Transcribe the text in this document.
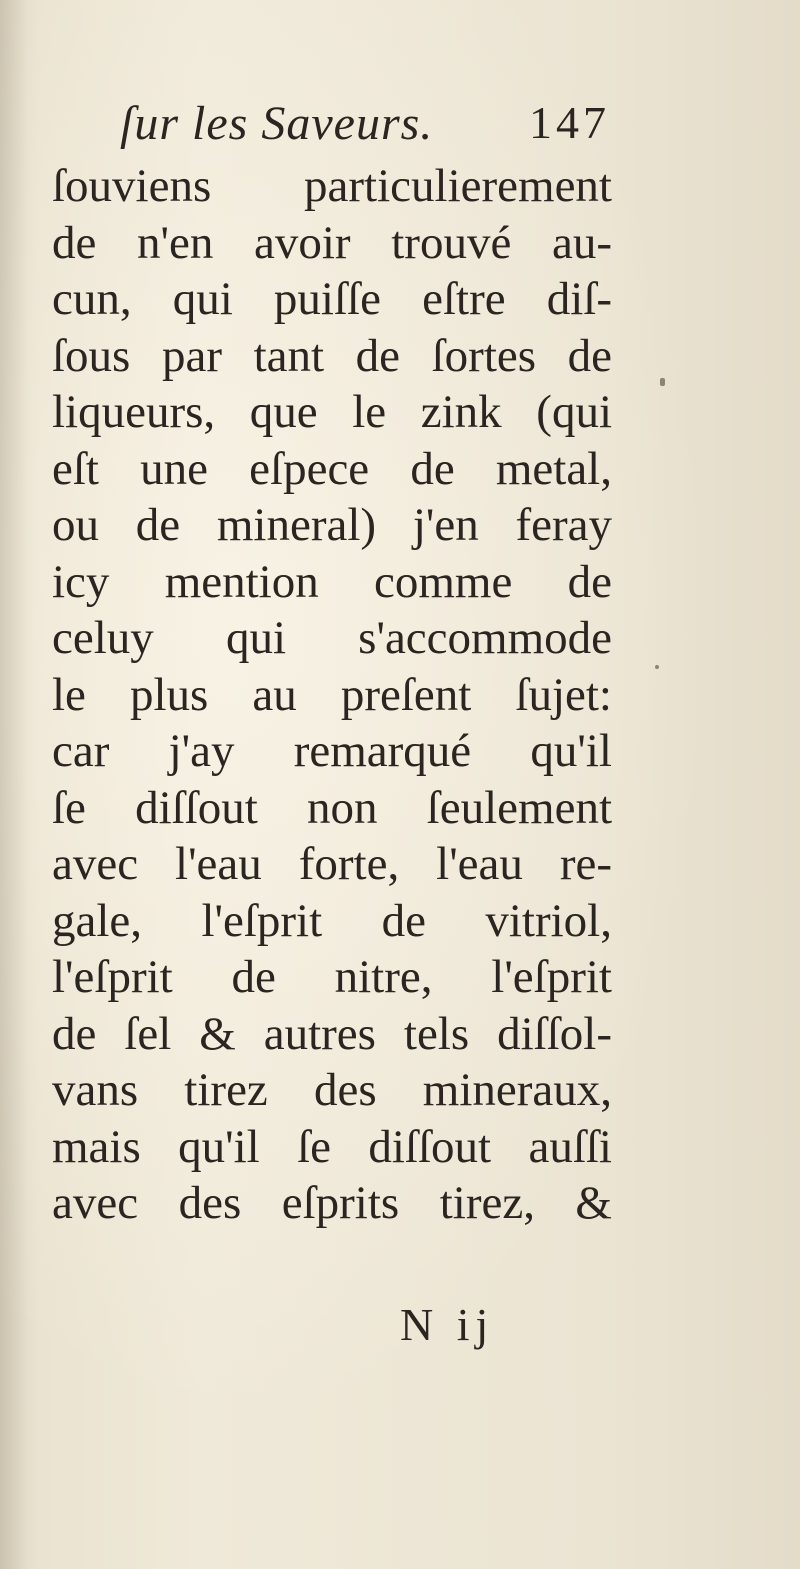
ſur les Saveurs. 147
ſouviens particulierement
de n'en avoir trouvé au-
cun, qui puiſſe eſtre diſ-
ſous par tant de ſortes de
liqueurs, que le zink (qui
eſt une eſpece de metal,
ou de mineral) j'en feray
icy mention comme de
celuy qui s'accommode
le plus au preſent ſujet:
car j'ay remarqué qu'il
ſe diſſout non ſeulement
avec l'eau forte, l'eau re-
gale, l'eſprit de vitriol,
l'eſprit de nitre, l'eſprit
de ſel & autres tels diſſol-
vans tirez des mineraux,
mais qu'il ſe diſſout auſſi
avec des eſprits tirez, &
N ij
